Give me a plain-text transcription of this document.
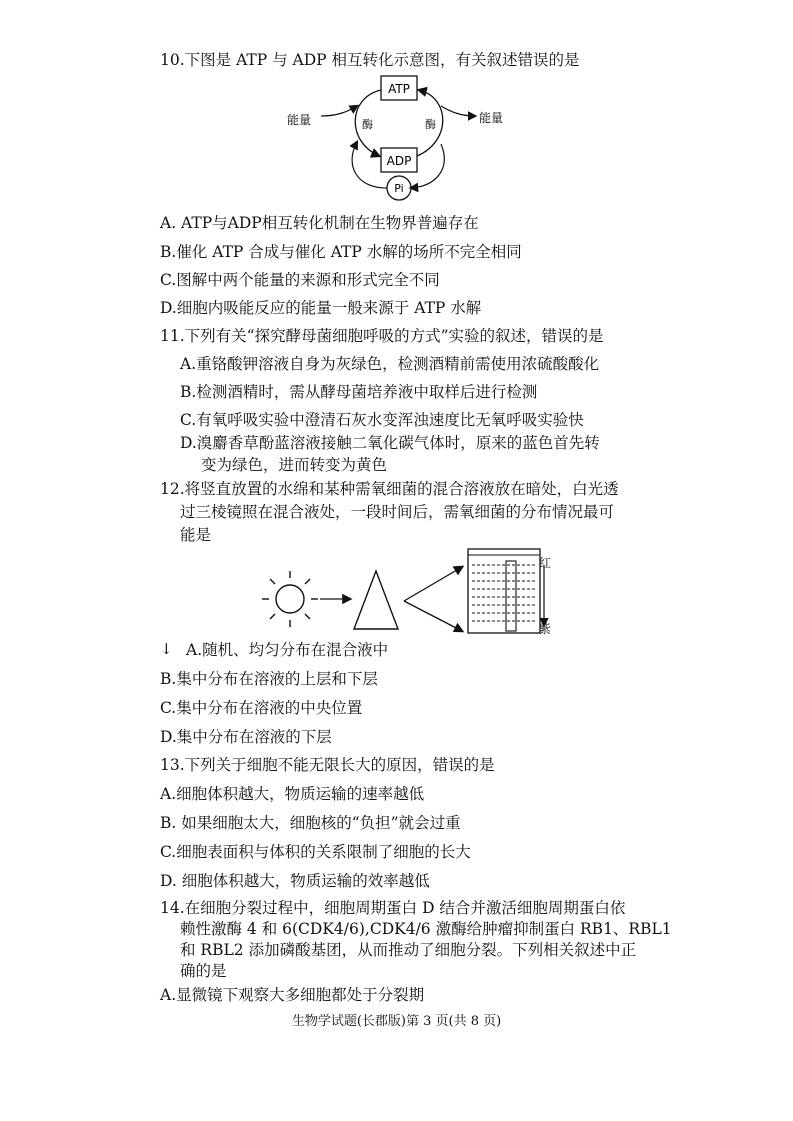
10.下图是 ATP 与 ADP 相互转化示意图，有关叙述错误的是
ATP
ADP
Pi
能量	能量
酶	酶
A. ATP与ADP相互转化机制在生物界普遍存在
B.催化 ATP 合成与催化 ATP 水解的场所不完全相同
C.图解中两个能量的来源和形式完全不同
D.细胞内吸能反应的能量一般来源于 ATP 水解
11.下列有关“探究酵母菌细胞呼吸的方式”实验的叙述，错误的是
A.重铬酸钾溶液自身为灰绿色，检测酒精前需使用浓硫酸酸化
B.检测酒精时，需从酵母菌培养液中取样后进行检测
C.有氧呼吸实验中澄清石灰水变浑浊速度比无氧呼吸实验快
D.溴麝香草酚蓝溶液接触二氧化碳气体时，原来的蓝色首先转
变为绿色，进而转变为黄色
12.将竖直放置的水绵和某种需氧细菌的混合溶液放在暗处，白光透
过三棱镜照在混合液处，一段时间后，需氧细菌的分布情况最可
能是
红
紫
↓ A.随机、均匀分布在混合液中
B.集中分布在溶液的上层和下层
C.集中分布在溶液的中央位置
D.集中分布在溶液的下层
13.下列关于细胞不能无限长大的原因，错误的是
A.细胞体积越大，物质运输的速率越低
B. 如果细胞太大，细胞核的“负担”就会过重
C.细胞表面积与体积的关系限制了细胞的长大
D. 细胞体积越大，物质运输的效率越低
14.在细胞分裂过程中，细胞周期蛋白 D 结合并激活细胞周期蛋白依
赖性激酶 4 和 6(CDK4/6),CDK4/6 激酶给肿瘤抑制蛋白 RB1、RBL1
和 RBL2 添加磷酸基团，从而推动了细胞分裂。下列相关叙述中正
确的是
A.显微镜下观察大多细胞都处于分裂期
生物学试题(长郡版)第 3 页(共 8 页)
